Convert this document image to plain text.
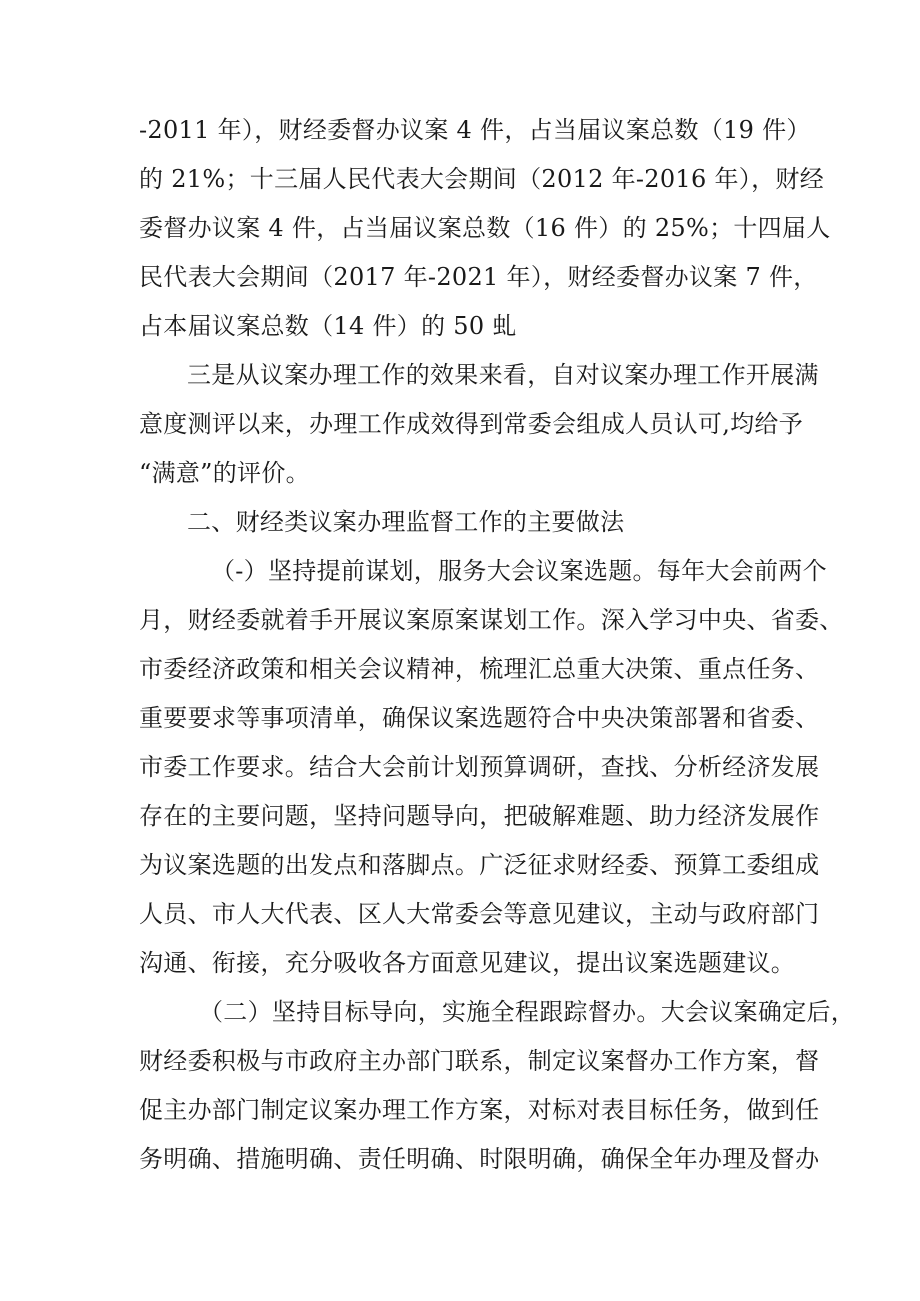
-2011 年），财经委督办议案 4 件，占当届议案总数（19 件）
的 21%；十三届人民代表大会期间（2012 年-2016 年），财经
委督办议案 4 件，占当届议案总数（16 件）的 25%；十四届人
民代表大会期间（2017 年-2021 年），财经委督办议案 7 件，
占本届议案总数（14 件）的 50 虬
三是从议案办理工作的效果来看，自对议案办理工作开展满
意度测评以来，办理工作成效得到常委会组成人员认可,均给予
“满意”的评价。
二、财经类议案办理监督工作的主要做法
（-）坚持提前谋划，服务大会议案选题。每年大会前两个
月，财经委就着手开展议案原案谋划工作。深入学习中央、省委、
市委经济政策和相关会议精神，梳理汇总重大决策、重点任务、
重要要求等事项清单，确保议案选题符合中央决策部署和省委、
市委工作要求。结合大会前计划预算调研，查找、分析经济发展
存在的主要问题，坚持问题导向，把破解难题、助力经济发展作
为议案选题的出发点和落脚点。广泛征求财经委、预算工委组成
人员、市人大代表、区人大常委会等意见建议，主动与政府部门
沟通、衔接，充分吸收各方面意见建议，提出议案选题建议。
（二）坚持目标导向，实施全程跟踪督办。大会议案确定后，
财经委积极与市政府主办部门联系，制定议案督办工作方案，督
促主办部门制定议案办理工作方案，对标对表目标任务，做到任
务明确、措施明确、责任明确、时限明确，确保全年办理及督办
